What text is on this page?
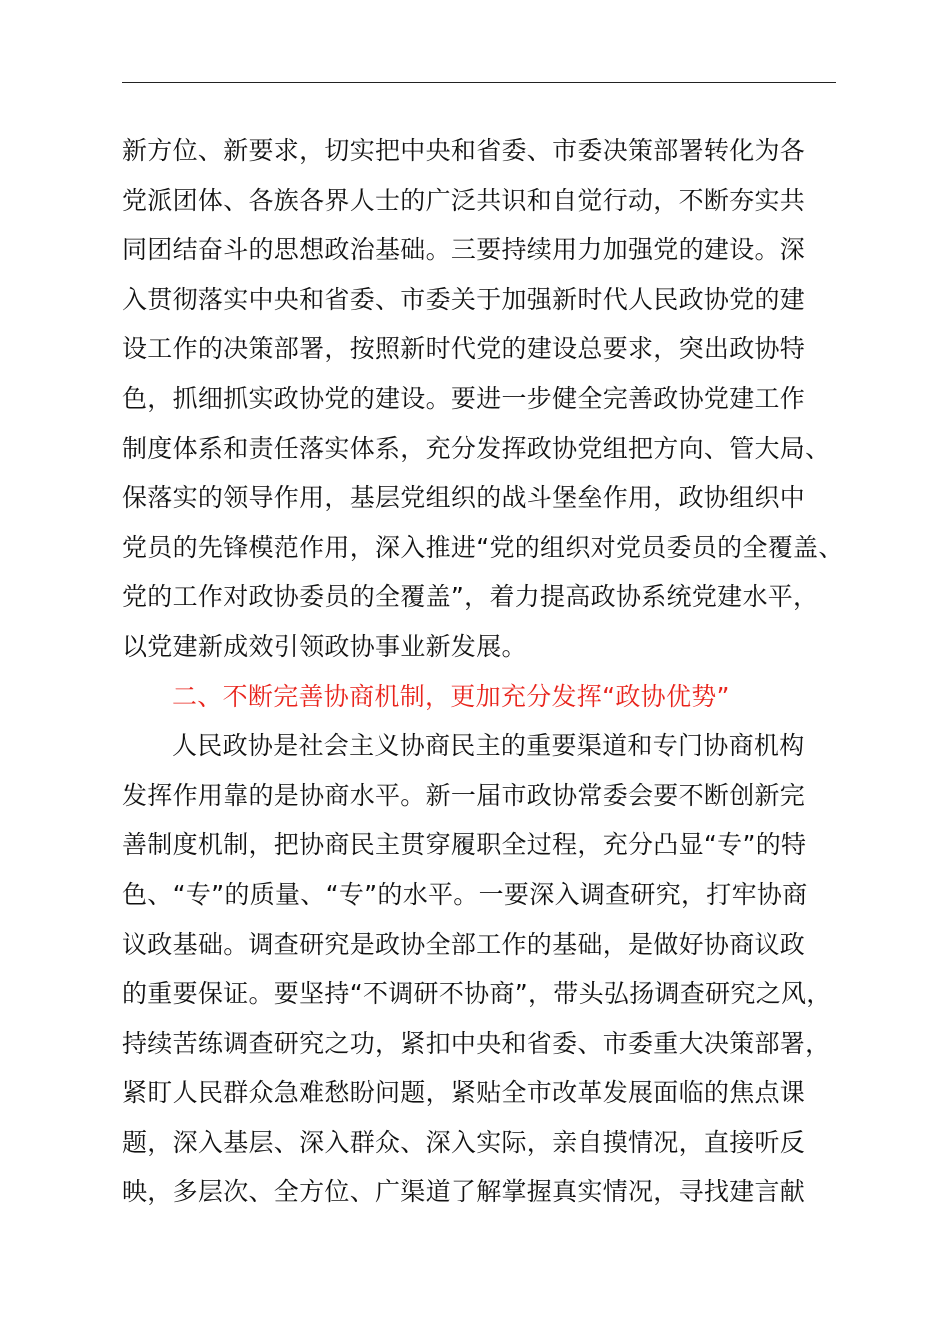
新方位、新要求，切实把中央和省委、市委决策部署转化为各
党派团体、各族各界人士的广泛共识和自觉行动，不断夯实共
同团结奋斗的思想政治基础。三要持续用力加强党的建设。深
入贯彻落实中央和省委、市委关于加强新时代人民政协党的建
设工作的决策部署，按照新时代党的建设总要求，突出政协特
色，抓细抓实政协党的建设。要进一步健全完善政协党建工作
制度体系和责任落实体系，充分发挥政协党组把方向、管大局、
保落实的领导作用，基层党组织的战斗堡垒作用，政协组织中
党员的先锋模范作用，深入推进“党的组织对党员委员的全覆盖、
党的工作对政协委员的全覆盖”，着力提高政协系统党建水平，
以党建新成效引领政协事业新发展。
二、不断完善协商机制，更加充分发挥“政协优势”
人民政协是社会主义协商民主的重要渠道和专门协商机构
发挥作用靠的是协商水平。新一届市政协常委会要不断创新完
善制度机制，把协商民主贯穿履职全过程，充分凸显“专”的特
色、“专”的质量、“专”的水平。一要深入调查研究，打牢协商
议政基础。调查研究是政协全部工作的基础，是做好协商议政
的重要保证。要坚持“不调研不协商”，带头弘扬调查研究之风，
持续苦练调查研究之功，紧扣中央和省委、市委重大决策部署，
紧盯人民群众急难愁盼问题，紧贴全市改革发展面临的焦点课
题，深入基层、深入群众、深入实际，亲自摸情况，直接听反
映，多层次、全方位、广渠道了解掌握真实情况，寻找建言献
